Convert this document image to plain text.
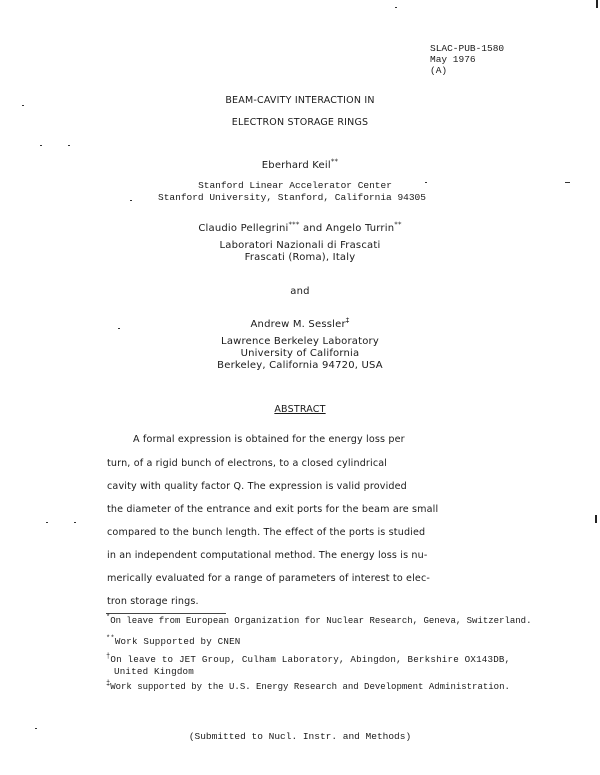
SLAC-PUB-1580
May 1976
(A)
BEAM-CAVITY INTERACTION IN
ELECTRON STORAGE RINGS
Eberhard Keil**
Stanford Linear Accelerator Center
Stanford University, Stanford, California 94305
Claudio Pellegrini*** and Angelo Turrin**
Laboratori Nazionali di Frascati
Frascati (Roma), Italy
and
Andrew M. Sessler‡
Lawrence Berkeley Laboratory
University of California
Berkeley, California 94720, USA
ABSTRACT
A formal expression is obtained for the energy loss per
turn, of a rigid bunch of electrons, to a closed cylindrical
cavity with quality factor Q. The expression is valid provided
the diameter of the entrance and exit ports for the beam are small
compared to the bunch length. The effect of the ports is studied
in an independent computational method. The energy loss is nu-
merically evaluated for a range of parameters of interest to elec-
tron storage rings.
*On leave from European Organization for Nuclear Research, Geneva, Switzerland.
**Work Supported by CNEN
†On leave to JET Group, Culham Laboratory, Abingdon, Berkshire OX143DB,
United Kingdom
‡Work supported by the U.S. Energy Research and Development Administration.
(Submitted to Nucl. Instr. and Methods)
